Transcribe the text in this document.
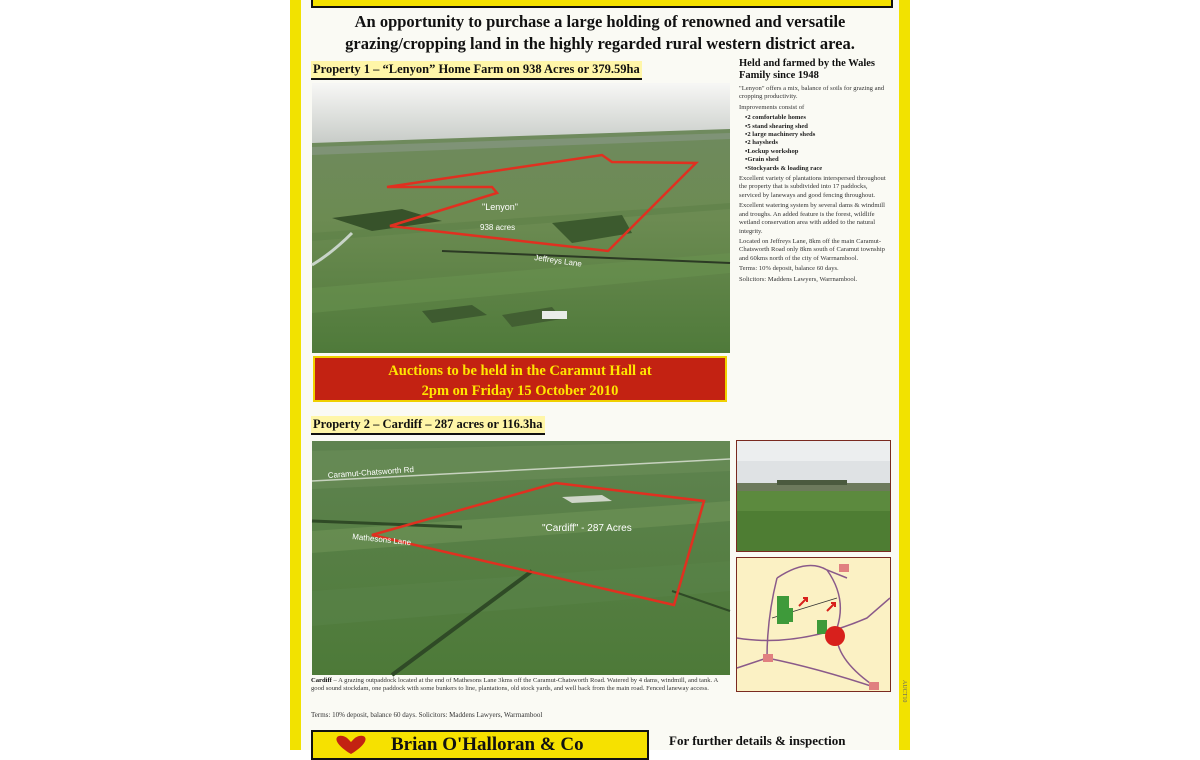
An opportunity to purchase a large holding of renowned and versatile
grazing/cropping land in the highly regarded rural western district area.
Property 1 – “Lenyon” Home Farm on 938 Acres or 379.59ha
"Lenyon"
938 acres
Jeffreys Lane
Held and farmed by the Wales Family since 1948

"Lenyon" offers a mix, balance of soils for grazing and cropping productivity.

Improvements consist of

• 2 comfortable homes
• 5 stand shearing shed
• 2 large machinery sheds
• 2 haysheds
• Lockup workshop
• Grain shed
• Stockyards & loading race

Excellent variety of plantations interspersed throughout the property that is subdivided into 17 paddocks, serviced by laneways and good fencing throughout.

Excellent watering system by several dams & windmill and troughs. An added feature is the forest, wildlife wetland conservation area with added to the natural integrity.

Located on Jeffreys Lane, 8km off the main Caramut-Chatsworth Road only 8km south of Caramut township and 60kms north of the city of Warrnambool.

Terms: 10% deposit, balance 60 days.

Solicitors: Maddens Lawyers, Warrnambool.

Auctions to be held in the Caramut Hall at
2pm on Friday 15 October 2010
Property 2 – Cardiff – 287 acres or 116.3ha
Caramut-Chatsworth Rd
"Cardiff" - 287 Acres
Mathesons Lane
Cardiff – A grazing outpaddock located at the end of Mathesons Lane 3kms off the Caramut-Chatsworth Road. Watered by 4 dams, windmill, and tank. A good sound stockdam, one paddock with some bunkers to line, plantations, old stock yards, and well back from the main road. Fenced laneway access.
Terms: 10% deposit, balance 60 days. Solicitors: Maddens Lawyers, Warrnambool
Brian O'Halloran & Co	For further details & inspection
AUCT10
